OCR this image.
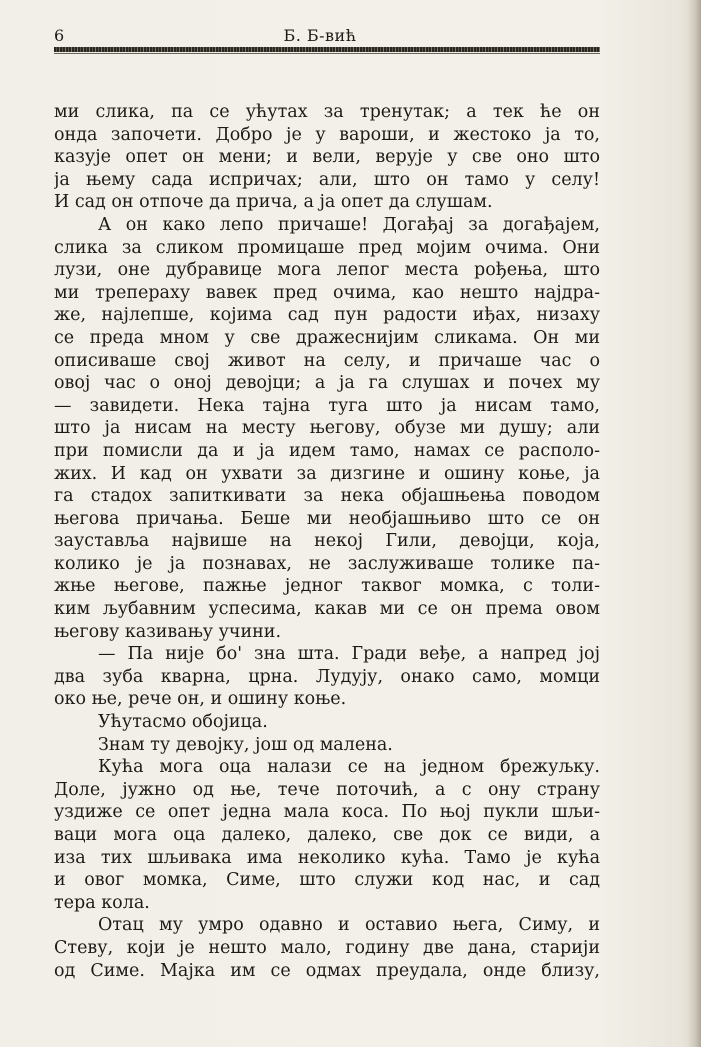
6	Б. Б-вић
ми слика, па се ућутах за тренутак; а тек ће он
онда започети. Добро је у вароши, и жестоко ја то,
казује опет он мени; и вели, верује у све оно што
ја њему сада испричах; али, што он тамо у селу!
И сад он отпоче да прича, а ја опет да слушам.
А он како лепо причаше! Догађај за догађајем,
слика за сликом промицаше пред мојим очима. Они
лузи, оне дубравице мога лепог места рођења, што
ми трепераху вавек пред очима, као нешто најдра-
же, најлепше, којима сад пун радости иђах, низаху
се преда мном у све дражеснијим сликама. Он ми
описиваше свој живот на селу, и причаше час о
овој час о оној девојци; а ја га слушах и почех му
— завидети. Нека тајна туга што ја нисам тамо,
што ја нисам на месту његову, обузе ми душу; али
при помисли да и ја идем тамо, намах се располо-
жих. И кад он ухвати за дизгине и ошину коње, ја
га стадох запиткивати за нека објашњења поводом
његова причања. Беше ми необјашњиво што се он
зауставља највише на некој Гили, девојци, која,
колико је ја познавах, не заслуживаше толике па-
жње његове, пажње једног таквог момка, с толи-
ким љубавним успесима, какав ми се он према овом
његову казивању учини.
— Па није бо' зна шта. Гради веђе, а напред јој
два зуба кварна, црна. Лудују, онако само, момци
око ње, рече он, и ошину коње.
Ућутасмо обојица.
Знам ту девојку, још од малена.
Кућа мога оца налази се на једном брежуљку.
Доле, јужно од ње, тече поточић, а с ону страну
уздиже се опет једна мала коса. По њој пукли шљи-
ваци мога оца далеко, далеко, све док се види, а
иза тих шљивака има неколико кућа. Тамо је кућа
и овог момка, Симе, што служи код нас, и сад
тера кола.
Отац му умро одавно и оставио њега, Симу, и
Стеву, који је нешто мало, годину две дана, старији
од Симе. Мајка им се одмах преудала, онде близу,
